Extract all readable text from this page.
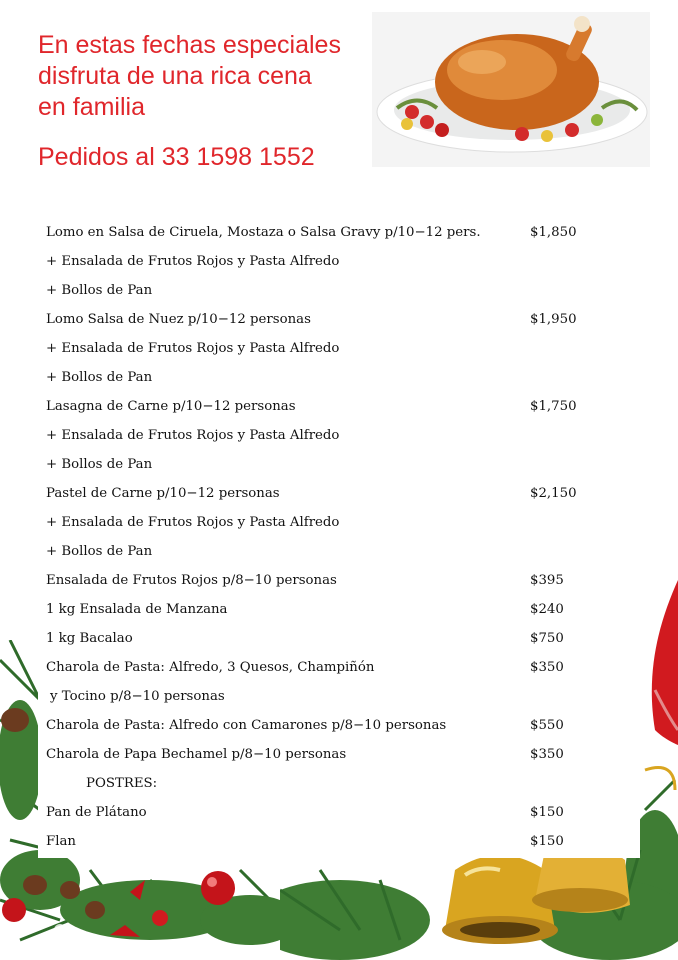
En estas fechas especiales
disfruta de una rica cena
en familia
Pedidos al 33 1598 1552
Lomo en Salsa de Ciruela, Mostaza o Salsa Gravy p/10−12 pers.	$1,850
+ Ensalada de Frutos Rojos y Pasta Alfredo
+ Bollos de Pan
Lomo Salsa de Nuez p/10−12 personas	$1,950
+ Ensalada de Frutos Rojos y Pasta Alfredo
+ Bollos de Pan
Lasagna de Carne p/10−12 personas	$1,750
+ Ensalada de Frutos Rojos y Pasta Alfredo
+ Bollos de Pan
Pastel de Carne p/10−12 personas	$2,150
+ Ensalada de Frutos Rojos y Pasta Alfredo
+ Bollos de Pan
Ensalada de Frutos Rojos p/8−10 personas	$395
1 kg Ensalada de Manzana	$240
1 kg Bacalao	$750
Charola de Pasta: Alfredo, 3 Quesos, Champiñón	$350
y Tocino p/8−10 personas
Charola de Pasta: Alfredo con Camarones p/8−10 personas	$550
Charola de Papa Bechamel p/8−10 personas	$350
POSTRES:
Pan de Plátano	$150
Flan	$150
